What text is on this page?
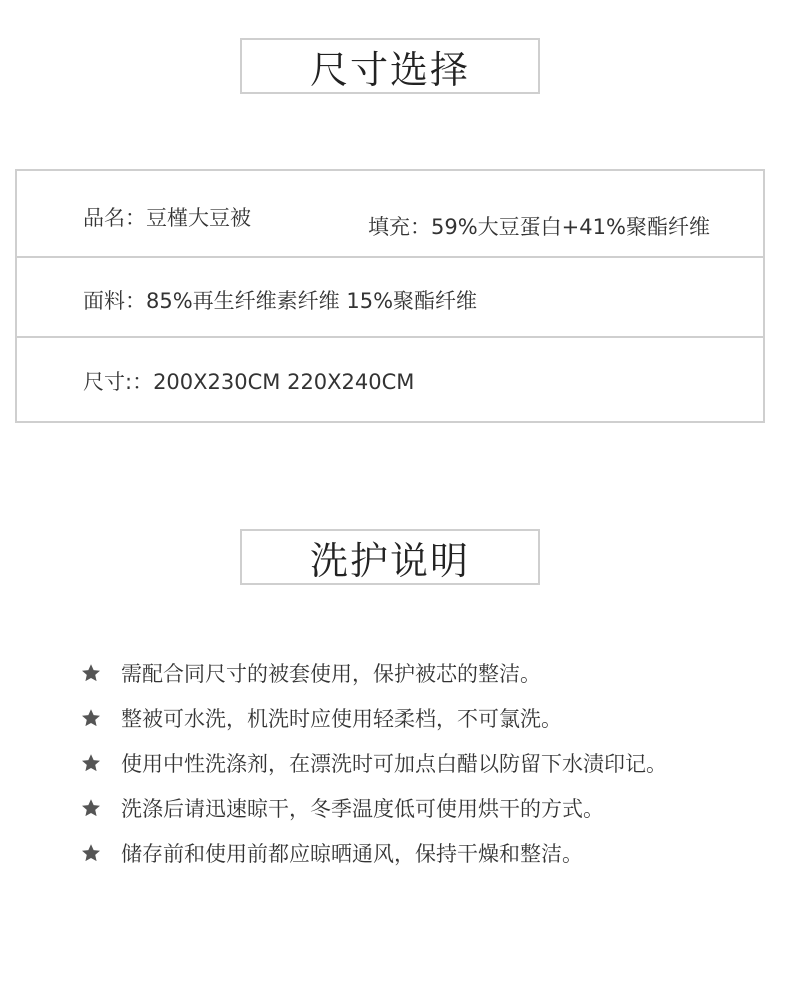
尺寸选择
品名：豆槿大豆被	填充：59%大豆蛋白+41%聚酯纤维
面料：85%再生纤维素纤维 15%聚酯纤维
尺寸:：200X230CM 220X240CM
洗护说明
需配合同尺寸的被套使用，保护被芯的整洁。
整被可水洗，机洗时应使用轻柔档，不可氯洗。
使用中性洗涤剂，在漂洗时可加点白醋以防留下水渍印记。
洗涤后请迅速晾干，冬季温度低可使用烘干的方式。
储存前和使用前都应晾晒通风，保持干燥和整洁。
